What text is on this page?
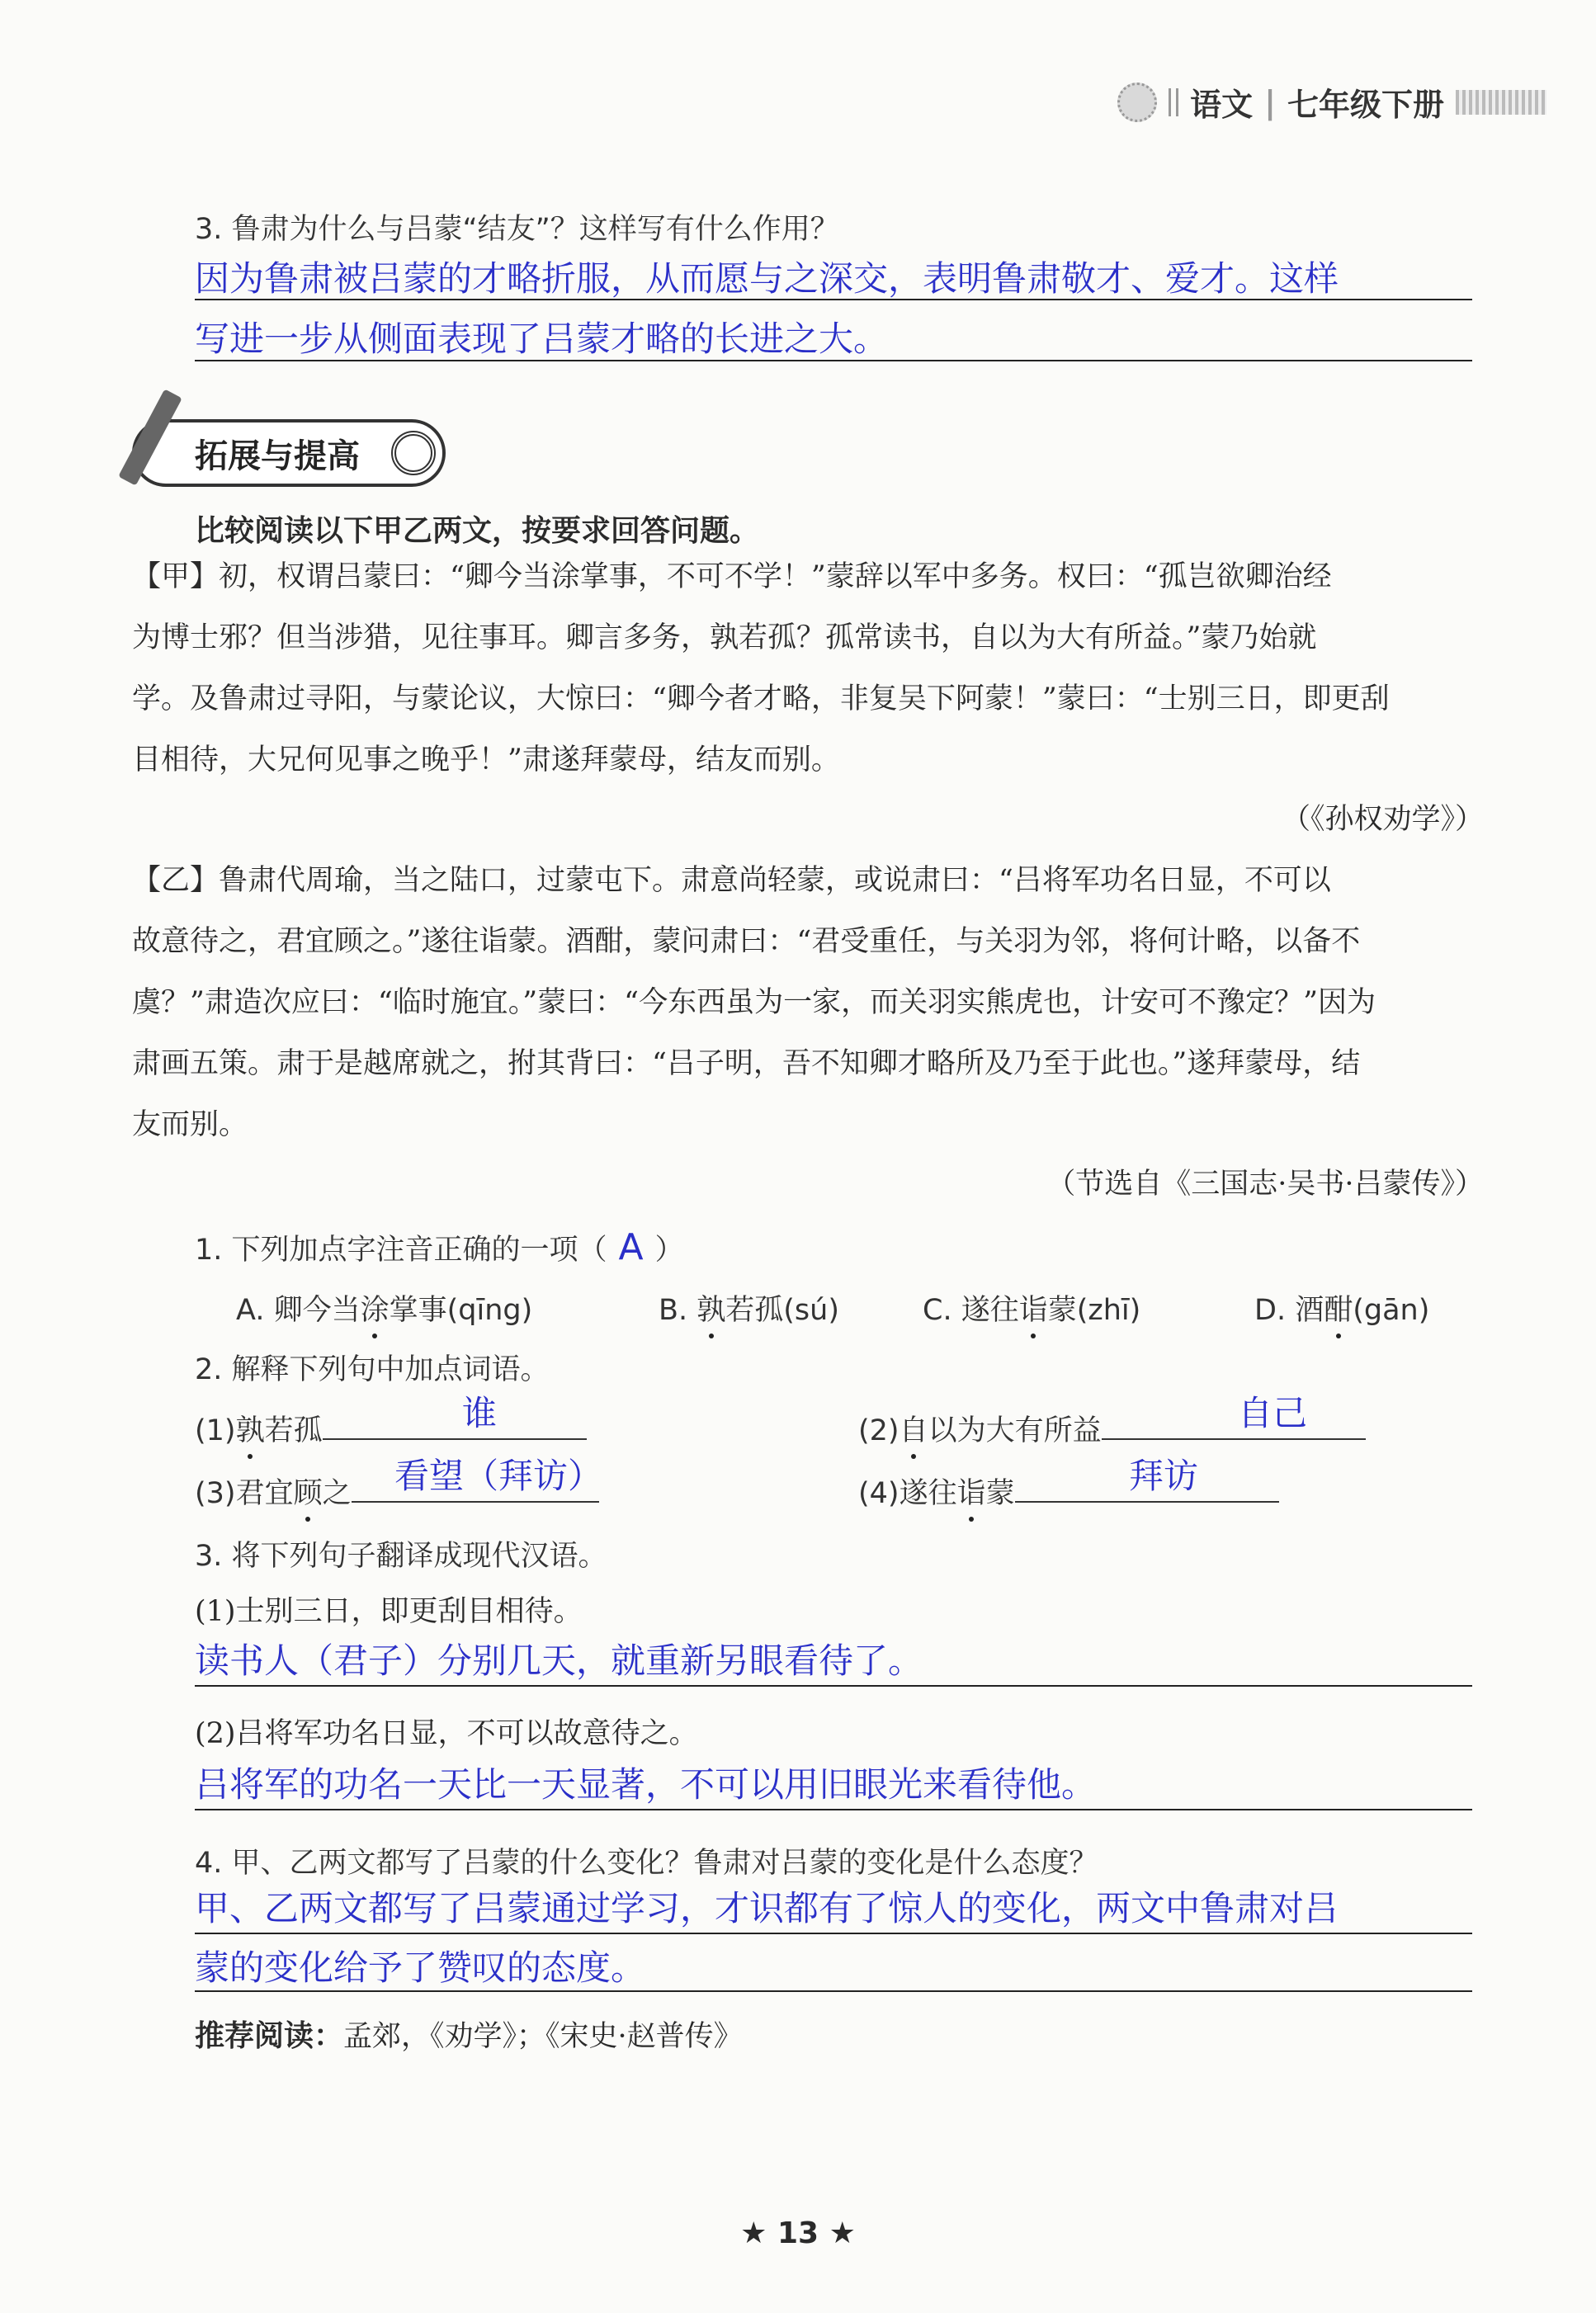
语文 | 七年级下册
3. 鲁肃为什么与吕蒙“结友”？这样写有什么作用？
因为鲁肃被吕蒙的才略折服，从而愿与之深交，表明鲁肃敬才、爱才。这样
写进一步从侧面表现了吕蒙才略的长进之大。
拓展与提高
比较阅读以下甲乙两文，按要求回答问题。
【甲】初，权谓吕蒙曰：“卿今当涂掌事，不可不学！”蒙辞以军中多务。权曰：“孤岂欲卿治经
为博士邪？但当涉猎，见往事耳。卿言多务，孰若孤？孤常读书，自以为大有所益。”蒙乃始就
学。及鲁肃过寻阳，与蒙论议，大惊曰：“卿今者才略，非复吴下阿蒙！”蒙曰：“士别三日，即更刮
目相待，大兄何见事之晚乎！”肃遂拜蒙母，结友而别。
（《孙权劝学》）
【乙】鲁肃代周瑜，当之陆口，过蒙屯下。肃意尚轻蒙，或说肃曰：“吕将军功名日显，不可以
故意待之，君宜顾之。”遂往诣蒙。酒酣，蒙问肃曰：“君受重任，与关羽为邻，将何计略，以备不
虞？”肃造次应曰：“临时施宜。”蒙曰：“今东西虽为一家，而关羽实熊虎也，计安可不豫定？”因为
肃画五策。肃于是越席就之，拊其背曰：“吕子明，吾不知卿才略所及乃至于此也。”遂拜蒙母，结
友而别。
（节选自《三国志·吴书·吕蒙传》）
1. 下列加点字注音正确的一项（ A ）
A. 卿今当涂掌事(qīng)	B. 孰若孤(sú)	C. 遂往诣蒙(zhī)	D. 酒酣(gān)
2. 解释下列句中加点词语。
(1)孰若孤	谁	(2)自以为大有所益	自己
(3)君宜顾之	看望（拜访）	(4)遂往诣蒙	拜访
3. 将下列句子翻译成现代汉语。
(1)士别三日，即更刮目相待。
读书人（君子）分别几天，就重新另眼看待了。
(2)吕将军功名日显，不可以故意待之。
吕将军的功名一天比一天显著，不可以用旧眼光来看待他。
4. 甲、乙两文都写了吕蒙的什么变化？鲁肃对吕蒙的变化是什么态度？
甲、乙两文都写了吕蒙通过学习，才识都有了惊人的变化，两文中鲁肃对吕
蒙的变化给予了赞叹的态度。
推荐阅读：孟郊，《劝学》；《宋史·赵普传》
★ 13 ★
